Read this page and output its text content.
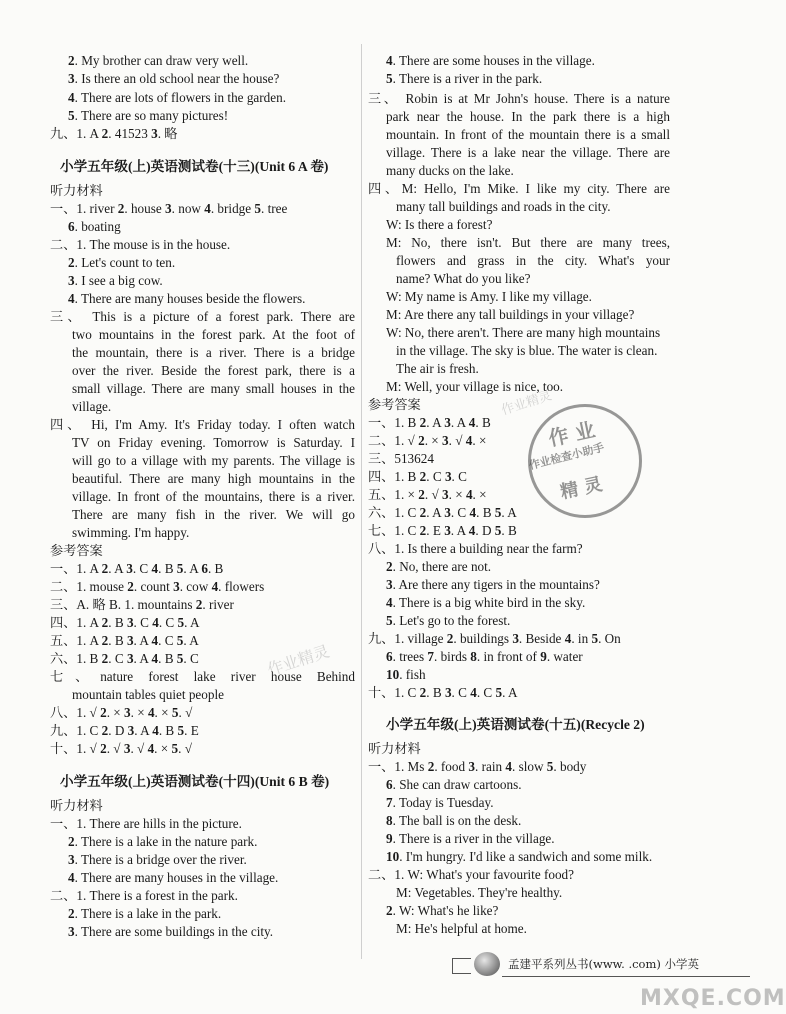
2. My brother can draw very well.
3. Is there an old school near the house?
4. There are lots of flowers in the garden.
5. There are so many pictures!
九、1. A 2. 41523 3. 略
小学五年级(上)英语测试卷(十三)(Unit 6 A 卷)
听力材料
一、1. river 2. house 3. now 4. bridge 5. tree
6. boating
二、1. The mouse is in the house.
2. Let's count to ten.
3. I see a big cow.
4. There are many houses beside the flowers.
三、 This is a picture of a forest park. There are
two mountains in the forest park. At the foot of
the mountain, there is a river. There is a bridge
over the river. Beside the forest park, there is a
small village. There are many small houses in the
village.
四、 Hi, I'm Amy. It's Friday today. I often watch
TV on Friday evening. Tomorrow is Saturday. I
will go to a village with my parents. The village is
beautiful. There are many high mountains in the
village. In front of the mountains, there is a river.
There are many fish in the river. We will go
swimming. I'm happy.
参考答案
一、1. A 2. A 3. C 4. B 5. A 6. B
二、1. mouse 2. count 3. cow 4. flowers
三、A. 略 B. 1. mountains 2. river
四、1. A 2. B 3. C 4. C 5. A
五、1. A 2. B 3. A 4. C 5. A
六、1. B 2. C 3. A 4. B 5. C
七、nature forest lake river house Behind
mountain tables quiet people
八、1. √ 2. × 3. × 4. × 5. √
九、1. C 2. D 3. A 4. B 5. E
十、1. √ 2. √ 3. √ 4. × 5. √
小学五年级(上)英语测试卷(十四)(Unit 6 B 卷)
听力材料
一、1. There are hills in the picture.
2. There is a lake in the nature park.
3. There is a bridge over the river.
4. There are many houses in the village.
二、1. There is a forest in the park.
2. There is a lake in the park.
3. There are some buildings in the city.
4. There are some houses in the village.
5. There is a river in the park.
三、 Robin is at Mr John's house. There is a nature
park near the house. In the park there is a high
mountain. In front of the mountain there is a small
village. There is a lake near the village. There are
many ducks on the lake.
四、M: Hello, I'm Mike. I like my city. There are
many tall buildings and roads in the city.
W: Is there a forest?
M: No, there isn't. But there are many trees,
flowers and grass in the city. What's your
name? What do you like?
W: My name is Amy. I like my village.
M: Are there any tall buildings in your village?
W: No, there aren't. There are many high mountains
in the village. The sky is blue. The water is clean.
The air is fresh.
M: Well, your village is nice, too.
参考答案
一、1. B 2. A 3. A 4. B
二、1. √ 2. × 3. √ 4. ×
三、513624
四、1. B 2. C 3. C
五、1. × 2. √ 3. × 4. ×
六、1. C 2. A 3. C 4. B 5. A
七、1. C 2. E 3. A 4. D 5. B
八、1. Is there a building near the farm?
2. No, there are not.
3. Are there any tigers in the mountains?
4. There is a big white bird in the sky.
5. Let's go to the forest.
九、1. village 2. buildings 3. Beside 4. in 5. On
6. trees 7. birds 8. in front of 9. water
10. fish
十、1. C 2. B 3. C 4. C 5. A
小学五年级(上)英语测试卷(十五)(Recycle 2)
听力材料
一、1. Ms 2. food 3. rain 4. slow 5. body
6. She can draw cartoons.
7. Today is Tuesday.
8. The ball is on the desk.
9. There is a river in the village.
10. I'm hungry. I'd like a sandwich and some milk.
二、1. W: What's your favourite food?
M: Vegetables. They're healthy.
2. W: What's he like?
M: He's helpful at home.
作 业
作业检查小助手
精 灵
作业精灵
作业精灵
孟建平系列丛书(www. .com) 小学英
MXQE.COM
